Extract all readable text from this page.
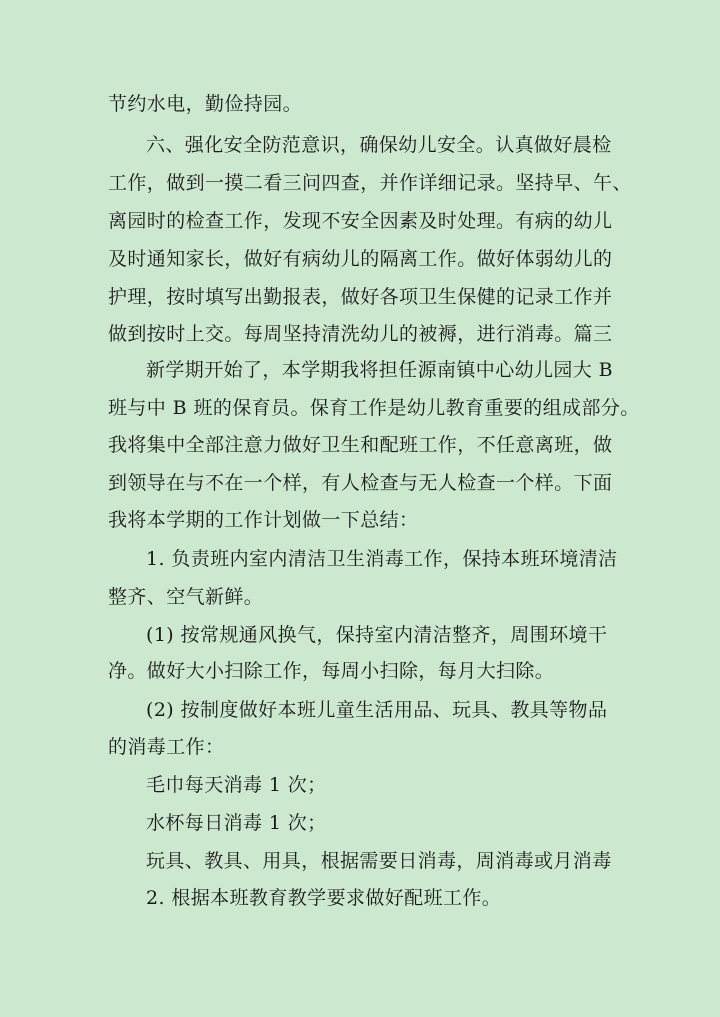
节约水电，勤俭持园。
六、强化安全防范意识，确保幼儿安全。认真做好晨检
工作，做到一摸二看三问四查，并作详细记录。坚持早、午、
离园时的检查工作，发现不安全因素及时处理。有病的幼儿
及时通知家长，做好有病幼儿的隔离工作。做好体弱幼儿的
护理，按时填写出勤报表，做好各项卫生保健的记录工作并
做到按时上交。每周坚持清洗幼儿的被褥，进行消毒。篇三
新学期开始了，本学期我将担任源南镇中心幼儿园大 B
班与中 B 班的保育员。保育工作是幼儿教育重要的组成部分。
我将集中全部注意力做好卫生和配班工作，不任意离班，做
到领导在与不在一个样，有人检查与无人检查一个样。下面
我将本学期的工作计划做一下总结：
1. 负责班内室内清洁卫生消毒工作，保持本班环境清洁
整齐、空气新鲜。
(1) 按常规通风换气，保持室内清洁整齐，周围环境干
净。做好大小扫除工作，每周小扫除，每月大扫除。
(2) 按制度做好本班儿童生活用品、玩具、教具等物品
的消毒工作：
毛巾每天消毒 1 次；
水杯每日消毒 1 次；
玩具、教具、用具，根据需要日消毒，周消毒或月消毒
2. 根据本班教育教学要求做好配班工作。
